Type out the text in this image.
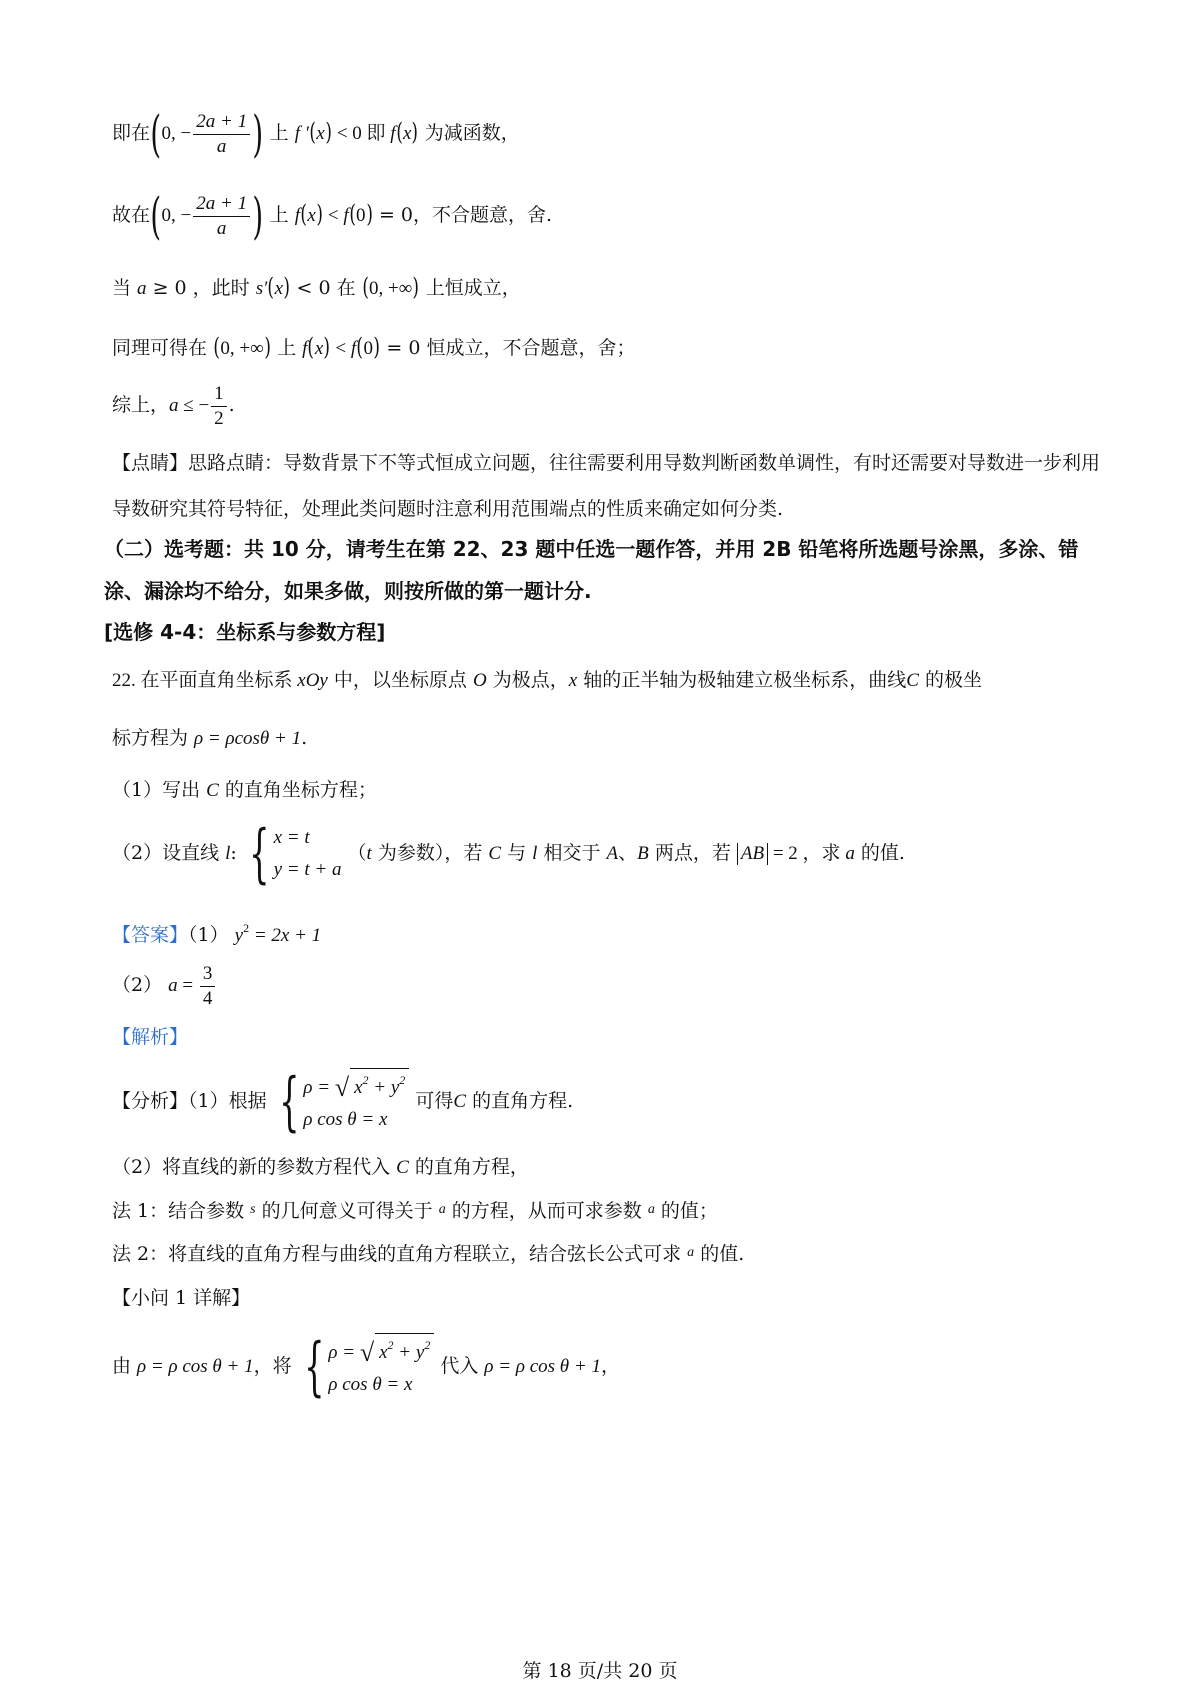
即在(0, − $\frac{2a + 1}{a}$ ) 上 f ′(x) < 0 即 f(x) 为减函数，
故在(0, − $\frac{2a + 1}{a}$ ) 上 f(x) < f(0) = 0，不合题意，舍.
当 a ≥ 0 ，此时 s′(x) < 0 在 (0, +∞) 上恒成立，
同理可得在 (0, +∞) 上 f(x) < f(0) = 0 恒成立，不合题意，舍；
综上，a ≤ − $\frac{1}{2}$ .
【点睛】思路点睛：导数背景下不等式恒成立问题，往往需要利用导数判断函数单调性，有时还需要对导数进一步利用导数研究其符号特征，处理此类问题时注意利用范围端点的性质来确定如何分类.
（二）选考题：共 10 分，请考生在第 22、23 题中任选一题作答，并用 2B 铅笔将所选题号涂黑，多涂、错涂、漏涂均不给分，如果多做，则按所做的第一题计分.
[选修 4-4：坐标系与参数方程]
22. 在平面直角坐标系 xOy 中，以坐标原点 O 为极点，x 轴的正半轴为极轴建立极坐标系，曲线C 的极坐
标方程为 ρ = ρcosθ + 1.
（1）写出 C 的直角坐标方程；
（2）设直线 l: { x = t
y = t + a
（t 为参数），若 C 与 l 相交于 A、B 两点，若 AB = 2 ，求 a 的值.
【答案】（1） $y^2 = 2x + 1$
（2） $a = \frac{3}{4}$
【解析】
【分析】（1）根据 { ρ = √ $x^2 + y^2$
ρ cos θ = x
可得C 的直角方程.
（2）将直线的新的参数方程代入 C 的直角方程，
法 1：结合参数 $^s$ 的几何意义可得关于 $^a$ 的方程，从而可求参数 $^a$ 的值；
法 2：将直线的直角方程与曲线的直角方程联立，结合弦长公式可求 $^a$ 的值.
【小问 1 详解】
由 ρ = ρ cos θ + 1，将 { ρ = √ $x^2 + y^2$
ρ cos θ = x
代入 ρ = ρ cos θ + 1，
第 18 页/共 20 页
